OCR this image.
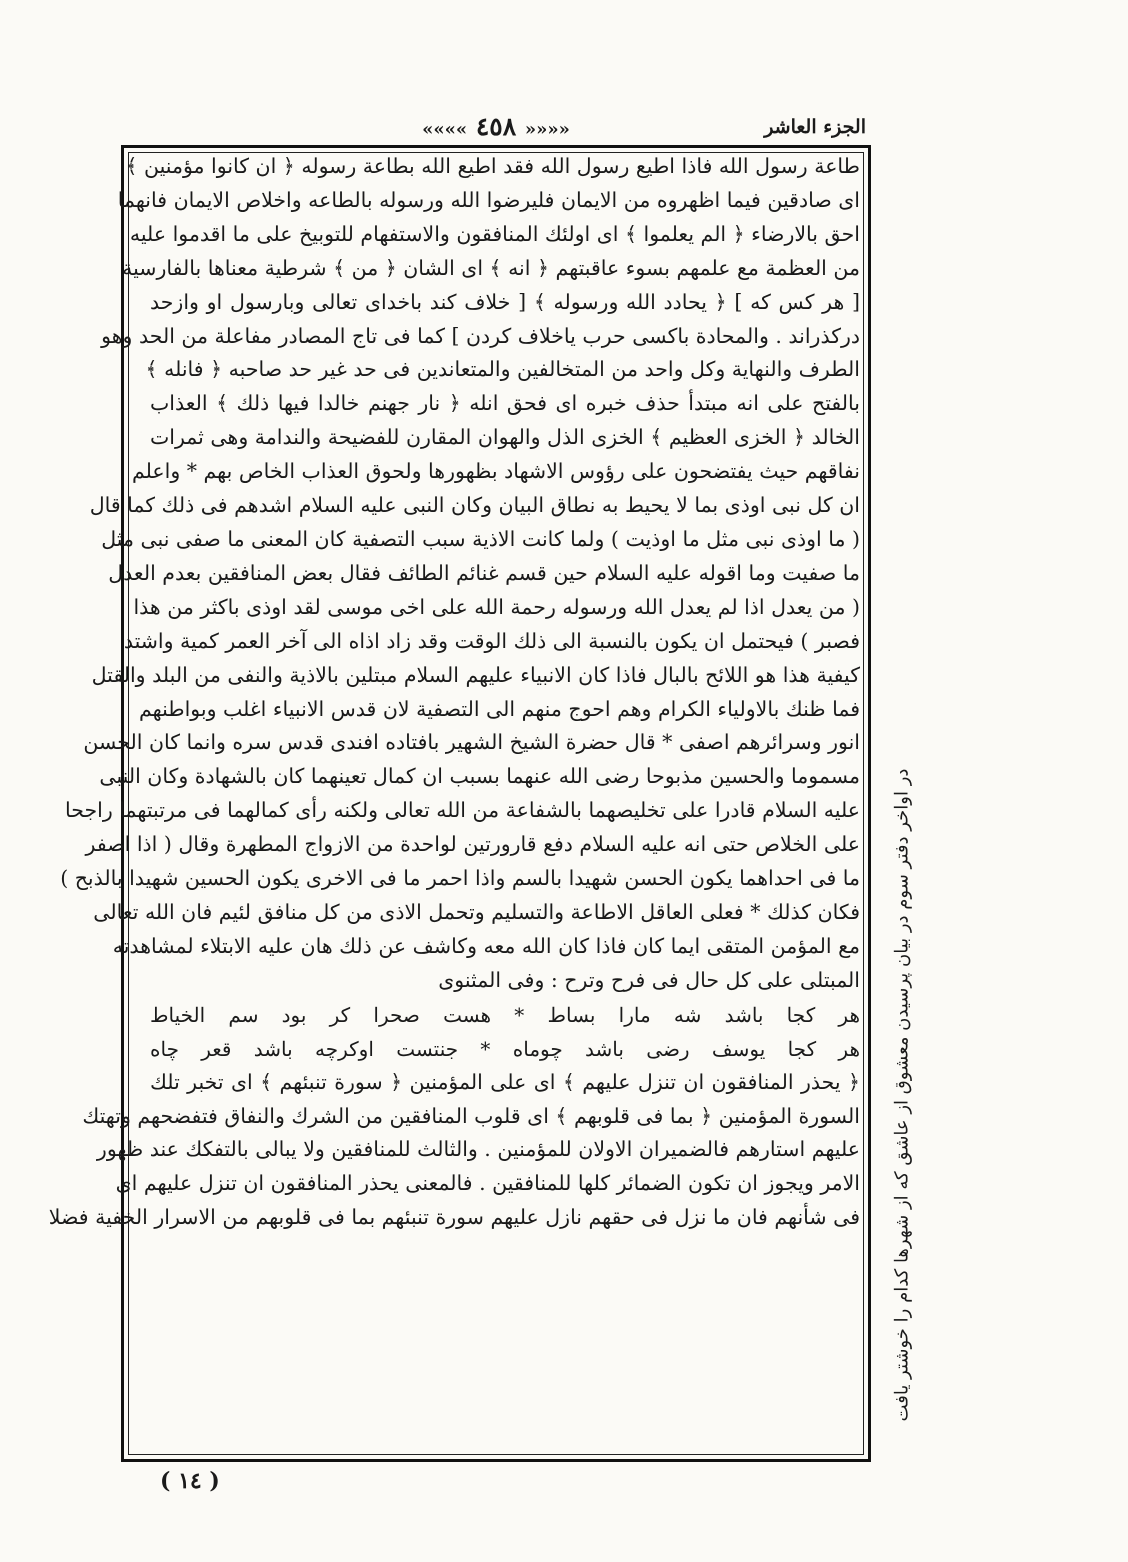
«««« ٤٥٨ »»»»	الجزء العاشر
طاعة رسول الله فاذا اطيع رسول الله فقد اطيع الله بطاعة رسوله ﴿ ان كانوا مؤمنين ﴾
اى صادقين فيما اظهروه من الايمان فليرضوا الله ورسوله بالطاعه واخلاص الايمان فانهما
احق بالارضاء ﴿ الم يعلموا ﴾ اى اولئك المنافقون والاستفهام للتوبيخ على ما اقدموا عليه
من العظمة مع علمهم بسوء عاقبتهم ﴿ انه ﴾ اى الشان ﴿ من ﴾ شرطية معناها بالفارسية
[ هر كس كه ] ﴿ يحادد الله ورسوله ﴾ [ خلاف كند باخداى تعالى وبارسول او وازحد
دركذراند . والمحادة باكسى حرب ياخلاف كردن ] كما فى تاج المصادر مفاعلة من الحد وهو
الطرف والنهاية وكل واحد من المتخالفين والمتعاندين فى حد غير حد صاحبه ﴿ فانله ﴾
بالفتح على انه مبتدأ حذف خبره اى فحق انله ﴿ نار جهنم خالدا فيها ذلك ﴾ العذاب
الخالد ﴿ الخزى العظيم ﴾ الخزى الذل والهوان المقارن للفضيحة والندامة وهى ثمرات
نفاقهم حيث يفتضحون على رؤوس الاشهاد بظهورها ولحوق العذاب الخاص بهم * واعلم
ان كل نبى اوذى بما لا يحيط به نطاق البيان وكان النبى عليه السلام اشدهم فى ذلك كما قال
( ما اوذى نبى مثل ما اوذيت ) ولما كانت الاذية سبب التصفية كان المعنى ما صفى نبى مثل
ما صفيت وما اقوله عليه السلام حين قسم غنائم الطائف فقال بعض المنافقين بعدم العدل
( من يعدل اذا لم يعدل الله ورسوله رحمة الله على اخى موسى لقد اوذى باكثر من هذا
فصبر ) فيحتمل ان يكون بالنسبة الى ذلك الوقت وقد زاد اذاه الى آخر العمر كمية واشتد
كيفية هذا هو اللائح بالبال فاذا كان الانبياء عليهم السلام مبتلين بالاذية والنفى من البلد والقتل
فما ظنك بالاولياء الكرام وهم احوج منهم الى التصفية لان قدس الانبياء اغلب وبواطنهم
انور وسرائرهم اصفى * قال حضرة الشيخ الشهير بافتاده افندى قدس سره وانما كان الحسن
مسموما والحسين مذبوحا رضى الله عنهما بسبب ان كمال تعينهما كان بالشهادة وكان النبى
عليه السلام قادرا على تخليصهما بالشفاعة من الله تعالى ولكنه رأى كمالهما فى مرتبتهما راجحا
على الخلاص حتى انه عليه السلام دفع قارورتين لواحدة من الازواج المطهرة وقال ( اذا اصفر
ما فى احداهما يكون الحسن شهيدا بالسم واذا احمر ما فى الاخرى يكون الحسين شهيدا بالذبح )
فكان كذلك * فعلى العاقل الاطاعة والتسليم وتحمل الاذى من كل منافق لئيم فان الله تعالى
مع المؤمن المتقى ايما كان فاذا كان الله معه وكاشف عن ذلك هان عليه الابتلاء لمشاهدته
المبتلى على كل حال فى فرح وترح : وفى المثنوى
هر كجا باشد شه مارا بساط * هست صحرا كر بود سم الخياط
هر كجا يوسف رضى باشد چوماه * جنتست اوكرچه باشد قعر چاه
﴿ يحذر المنافقون ان تنزل عليهم ﴾ اى على المؤمنين ﴿ سورة تنبئهم ﴾ اى تخبر تلك
السورة المؤمنين ﴿ بما فى قلوبهم ﴾ اى قلوب المنافقين من الشرك والنفاق فتفضحهم وتهتك
عليهم استارهم فالضميران الاولان للمؤمنين . والثالث للمنافقين ولا يبالى بالتفكك عند ظهور
الامر ويجوز ان تكون الضمائر كلها للمنافقين . فالمعنى يحذر المنافقون ان تنزل عليهم اى
فى شأنهم فان ما نزل فى حقهم نازل عليهم سورة تنبئهم بما فى قلوبهم من الاسرار الخفية فضلا در اواخر دفتر سوم در بيان پرسيدن معشوق از عاشق كه از شهرها كدام را خوشتر يافت
( ١٤ )
